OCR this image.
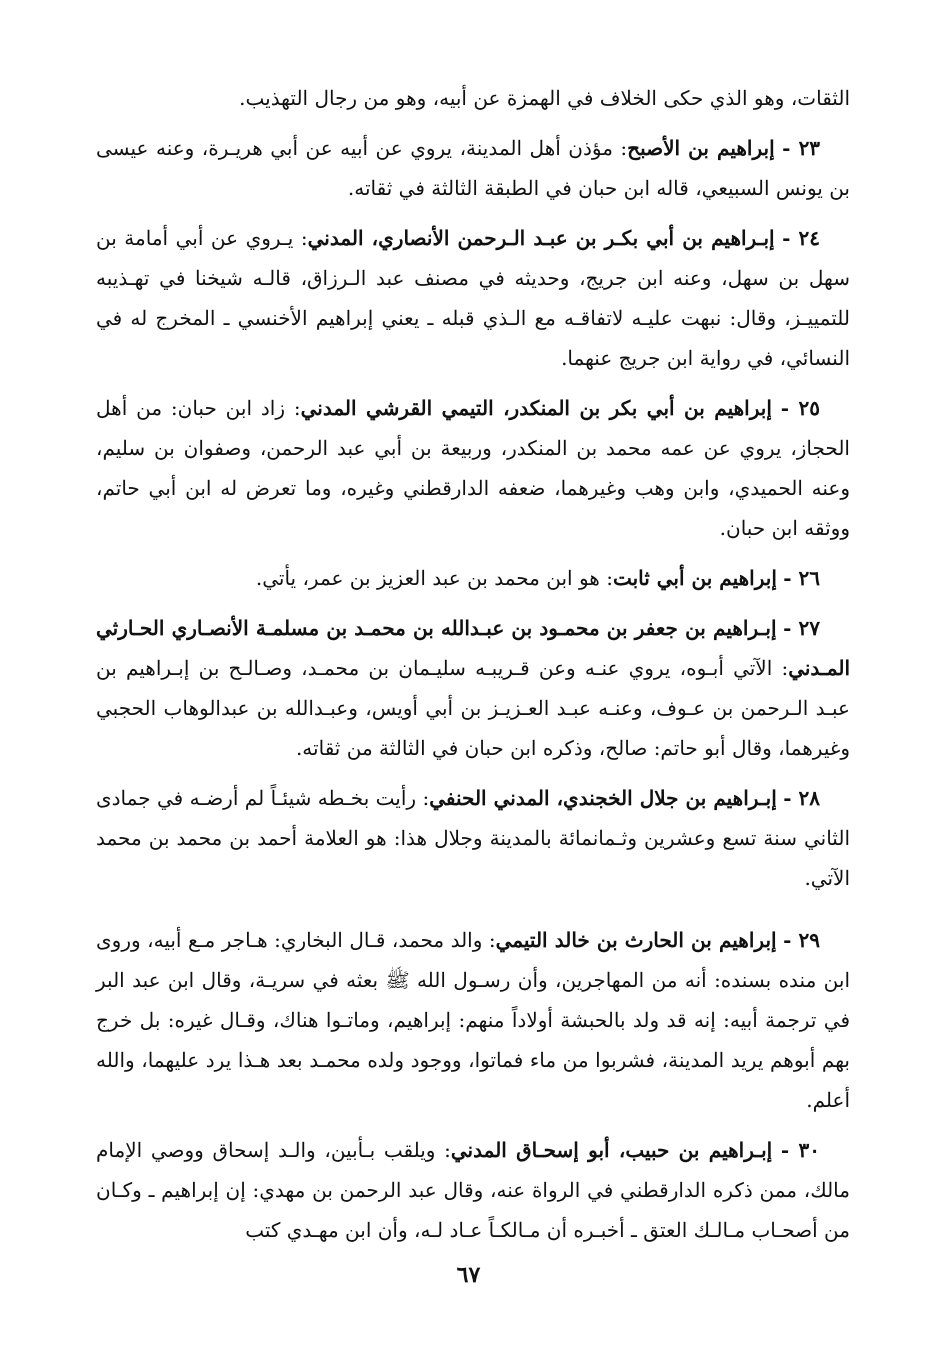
الثقات، وهو الذي حكى الخلاف في الهمزة عن أبيه، وهو من رجال التهذيب.

٢٣ - إبراهيم بن الأصبح: مؤذن أهل المدينة، يروي عن أبيه عن أبي هريـرة، وعنه عيسى بن يونس السبيعي، قاله ابن حبان في الطبقة الثالثة في ثقاته.

٢٤ - إبـراهيم بن أبي بكـر بن عبـد الـرحمن الأنصاري، المدني: يـروي عن أبي أمامة بن سهل بن سهل، وعنه ابن جريج، وحديثه في مصنف عبد الـرزاق، قالـه شيخنا في تهـذيبه للتمييـز، وقال: نبهت عليـه لاتفاقـه مع الـذي قبله ـ يعني إبراهيم الأخنسي ـ المخرج له في النسائي، في رواية ابن جريج عنهما.

٢٥ - إبراهيم بن أبي بكر بن المنكدر، التيمي القرشي المدني: زاد ابن حبان: من أهل الحجاز، يروي عن عمه محمد بن المنكدر، وربيعة بن أبي عبد الرحمن، وصفوان بن سليم، وعنه الحميدي، وابن وهب وغيرهما، ضعفه الدارقطني وغيره، وما تعرض له ابن أبي حاتم، ووثقه ابن حبان.

٢٦ - إبراهيم بن أبي ثابت: هو ابن محمد بن عبد العزيز بن عمر، يأتي.

٢٧ - إبـراهيم بن جعفر بن محمـود بن عبـدالله بن محمـد بن مسلمـة الأنصـاري الحـارثي المـدني: الآتي أبـوه، يروي عنـه وعن قـريبـه سليـمان بن محمـد، وصـالـح بن إبـراهيم بن عبـد الـرحمن بن عـوف، وعنـه عبـد العـزيـز بن أبي أويس، وعبـدالله بن عبدالوهاب الحجبي وغيرهما، وقال أبو حاتم: صالح، وذكره ابن حبان في الثالثة من ثقاته.

٢٨ - إبـراهيم بن جلال الخجندي، المدني الحنفي: رأيت بخـطه شيئـاً لم أرضـه في جمادى الثاني سنة تسع وعشرين وثـمانمائة بالمدينة وجلال هذا: هو العلامة أحمد بن محمد بن محمد الآتي.

٢٩ - إبراهيم بن الحارث بن خالد التيمي: والد محمد، قـال البخاري: هـاجر مـع أبيه، وروى ابن منده بسنده: أنه من المهاجرين، وأن رسـول الله ﷺ بعثه في سريـة، وقال ابن عبد البر في ترجمة أبيه: إنه قد ولد بالحبشة أولاداً منهم: إبراهيم، وماتـوا هناك، وقـال غيره: بل خرج بهم أبوهم يريد المدينة، فشربوا من ماء فماتوا، ووجود ولده محمـد بعد هـذا يرد عليهما، والله أعلم.

٣٠ - إبـراهيم بن حبيب، أبو إسحـاق المدني: ويلقب بـأبين، والـد إسحاق ووصي الإمام مالك، ممن ذكره الدارقطني في الرواة عنه، وقال عبد الرحمن بن مهدي: إن إبراهيم ـ وكـان من أصحـاب مـالـك العتق ـ أخبـره أن مـالكـاً عـاد لـه، وأن ابن مهـدي كتب

٦٧
